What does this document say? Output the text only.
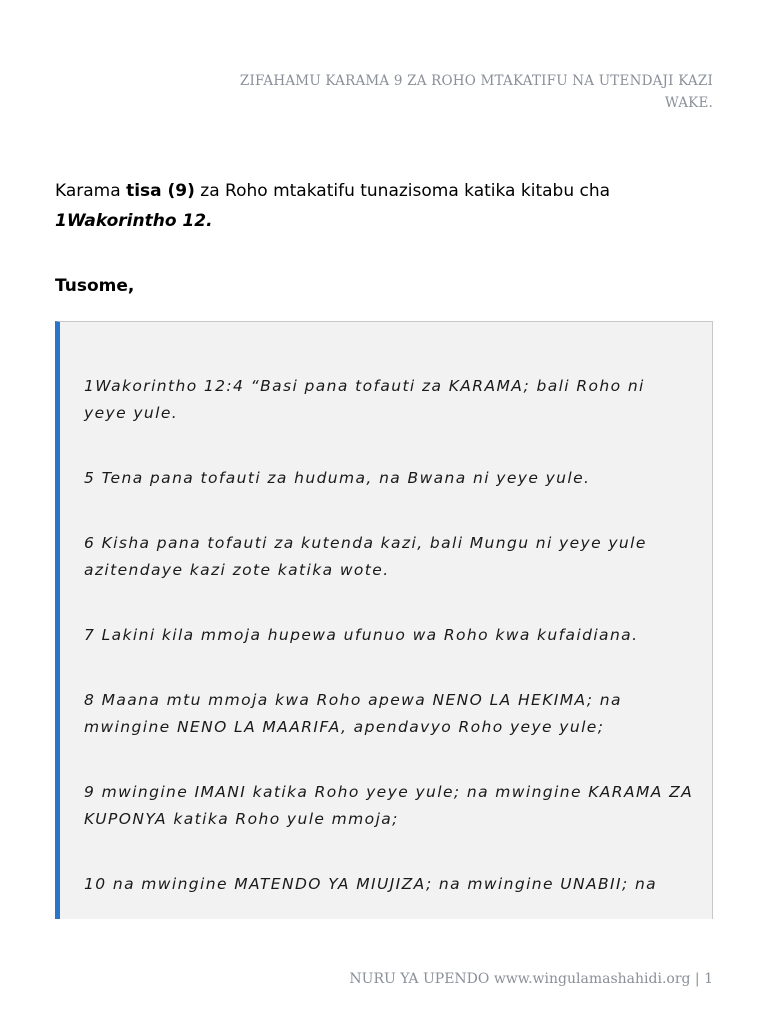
ZIFAHAMU KARAMA 9 ZA ROHO MTAKATIFU NA UTENDAJI KAZI WAKE.
Karama tisa (9) za Roho mtakatifu tunazisoma katika kitabu cha
1Wakorintho 12.
Tusome,
1Wakorintho 12:4 “Basi pana tofauti za KARAMA; bali Roho ni yeye yule.
5 Tena pana tofauti za huduma, na Bwana ni yeye yule.
6 Kisha pana tofauti za kutenda kazi, bali Mungu ni yeye yule azitendaye kazi zote katika wote.
7 Lakini kila mmoja hupewa ufunuo wa Roho kwa kufaidiana.
8 Maana mtu mmoja kwa Roho apewa NENO LA HEKIMA; na mwingine NENO LA MAARIFA, apendavyo Roho yeye yule;
9 mwingine IMANI katika Roho yeye yule; na mwingine KARAMA ZA KUPONYA katika Roho yule mmoja;
10 na mwingine MATENDO YA MIUJIZA; na mwingine UNABII; na
NURU YA UPENDO www.wingulamashahidi.org | 1
